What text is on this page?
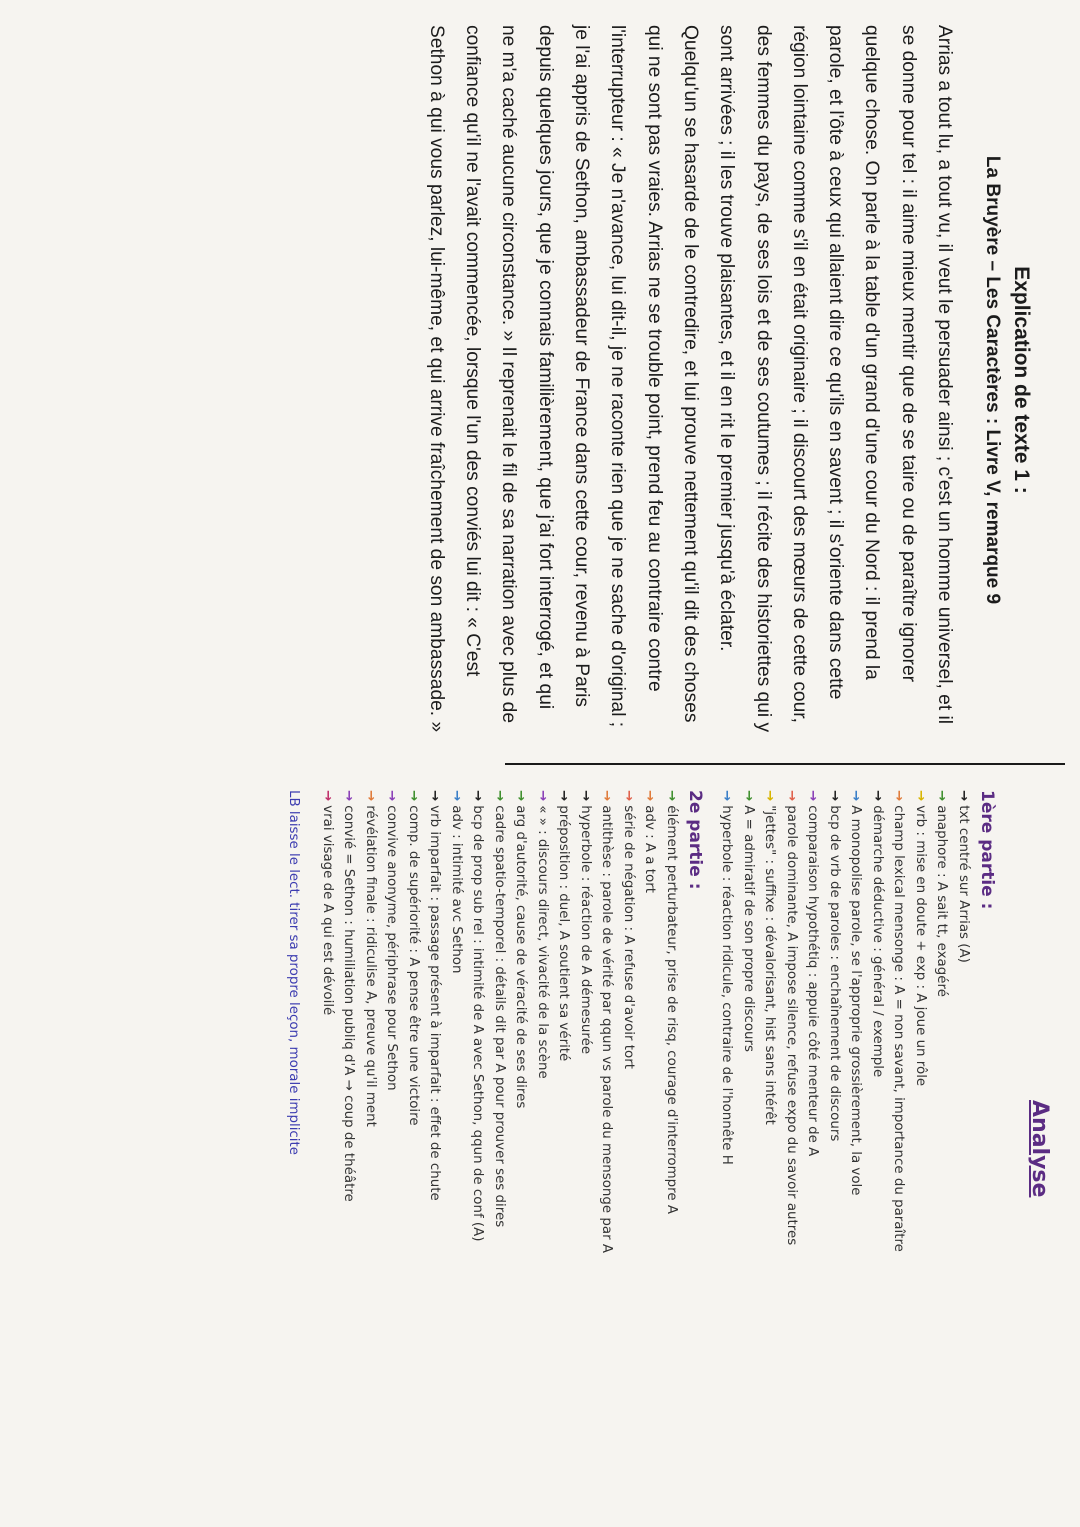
Explication de texte 1 :

La Bruyère – Les Caractères : Livre V, remarque 9

Arrias a tout lu, a tout vu, il veut le persuader ainsi ; c'est un homme universel, et il se donne pour tel : il aime mieux mentir que de se taire ou de paraître ignorer quelque chose. On parle à la table d'un grand d'une cour du Nord : il prend la parole, et l'ôte à ceux qui allaient dire ce qu'ils en savent ; il s'oriente dans cette région lointaine comme s'il en était originaire ; il discourt des mœurs de cette cour, des femmes du pays, de ses lois et de ses coutumes ; il récite des historiettes qui y sont arrivées ; il les trouve plaisantes, et il en rit le premier jusqu'à éclater. Quelqu'un se hasarde de le contredire, et lui prouve nettement qu'il dit des choses qui ne sont pas vraies. Arrias ne se trouble point, prend feu au contraire contre l'interrupteur : « Je n'avance, lui dit-il, je ne raconte rien que je ne sache d'original ; je l'ai appris de Sethon, ambassadeur de France dans cette cour, revenu à Paris depuis quelques jours, que je connais familièrement, que j'ai fort interrogé, et qui ne m'a caché aucune circonstance. » Il reprenait le fil de sa narration avec plus de confiance qu'il ne l'avait commencée, lorsque l'un des conviés lui dit : « C'est Sethon à qui vous parlez, lui-même, et qui arrive fraîchement de son ambassade. »

Analyse

1ère partie :

→txt centré sur Arrias (A)

→anaphore : A sait tt, exagéré

→vrb : mise en doute + exp : A joue un rôle

→champ lexical mensonge : A = non savant, importance du paraître

→démarche déductive : général / exemple

→A monopolise parole, se l'approprie grossièrement, la vole

→bcp de vrb de paroles : enchaînement de discours

→comparaison hypothétiq : appuie côté menteur de A

→parole dominante, A impose silence, refuse expo du savoir autres

→"jettes" : suffixe : dévalorisant, hist sans intérêt

→A = admiratif de son propre discours

→hyperbole : réaction ridicule, contraire de l'honnête H

2e partie :

→élément perturbateur, prise de risq, courage d'interrompre A

→adv : A a tort

→série de négation : A refuse d'avoir tort

→antithèse : parole de vérité par qqun vs parole du mensonge par A

→hyperbole : réaction de A démesurée

→préposition : duel, A soutient sa vérité

→« » : discours direct, vivacité de la scène

→arg d'autorité, cause de véracité de ses dires

→cadre spatio-temporel : détails dit par A pour prouver ses dires

→bcp de prop sub rel : intimité de A avec Sethon, qqun de conf (A)

→adv : intimité avc Sethon

→vrb imparfait : passage présent à imparfait : effet de chute

→comp. de supériorité : A pense être une victoire

→convive anonyme, périphrase pour Sethon

→révélation finale : ridiculise A, preuve qu'il ment

→convié = Sethon : humiliation publiq d'A → coup de théâtre

→vrai visage de A qui est dévoilé

LB laisse le lect. tirer sa propre leçon, morale implicite
